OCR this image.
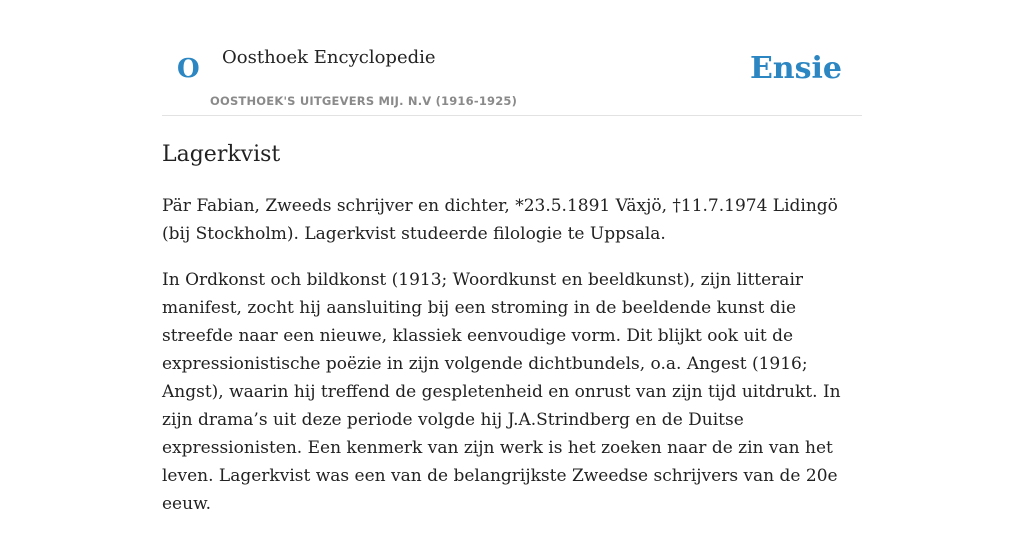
O Oosthoek Encyclopedie
OOSTHOEK'S UITGEVERS MIJ. N.V (1916-1925)
Ensie
Lagerkvist

Pär Fabian, Zweeds schrijver en dichter, *23.5.1891 Växjö, †11.7.1974 Lidingö (bij Stockholm). Lagerkvist studeerde filologie te Uppsala.

In Ordkonst och bildkonst (1913; Woordkunst en beeldkunst), zijn litterair manifest, zocht hij aansluiting bij een stroming in de beeldende kunst die streefde naar een nieuwe, klassiek eenvoudige vorm. Dit blijkt ook uit de expressionistische poëzie in zijn volgende dichtbundels, o.a. Angest (1916; Angst), waarin hij treffend de gespletenheid en onrust van zijn tijd uitdrukt. In zijn drama’s uit deze periode volgde hij J.A.Strindberg en de Duitse expressionisten. Een kenmerk van zijn werk is het zoeken naar de zin van het leven. Lagerkvist was een van de belangrijkste Zweedse schrijvers van de 20e eeuw.
